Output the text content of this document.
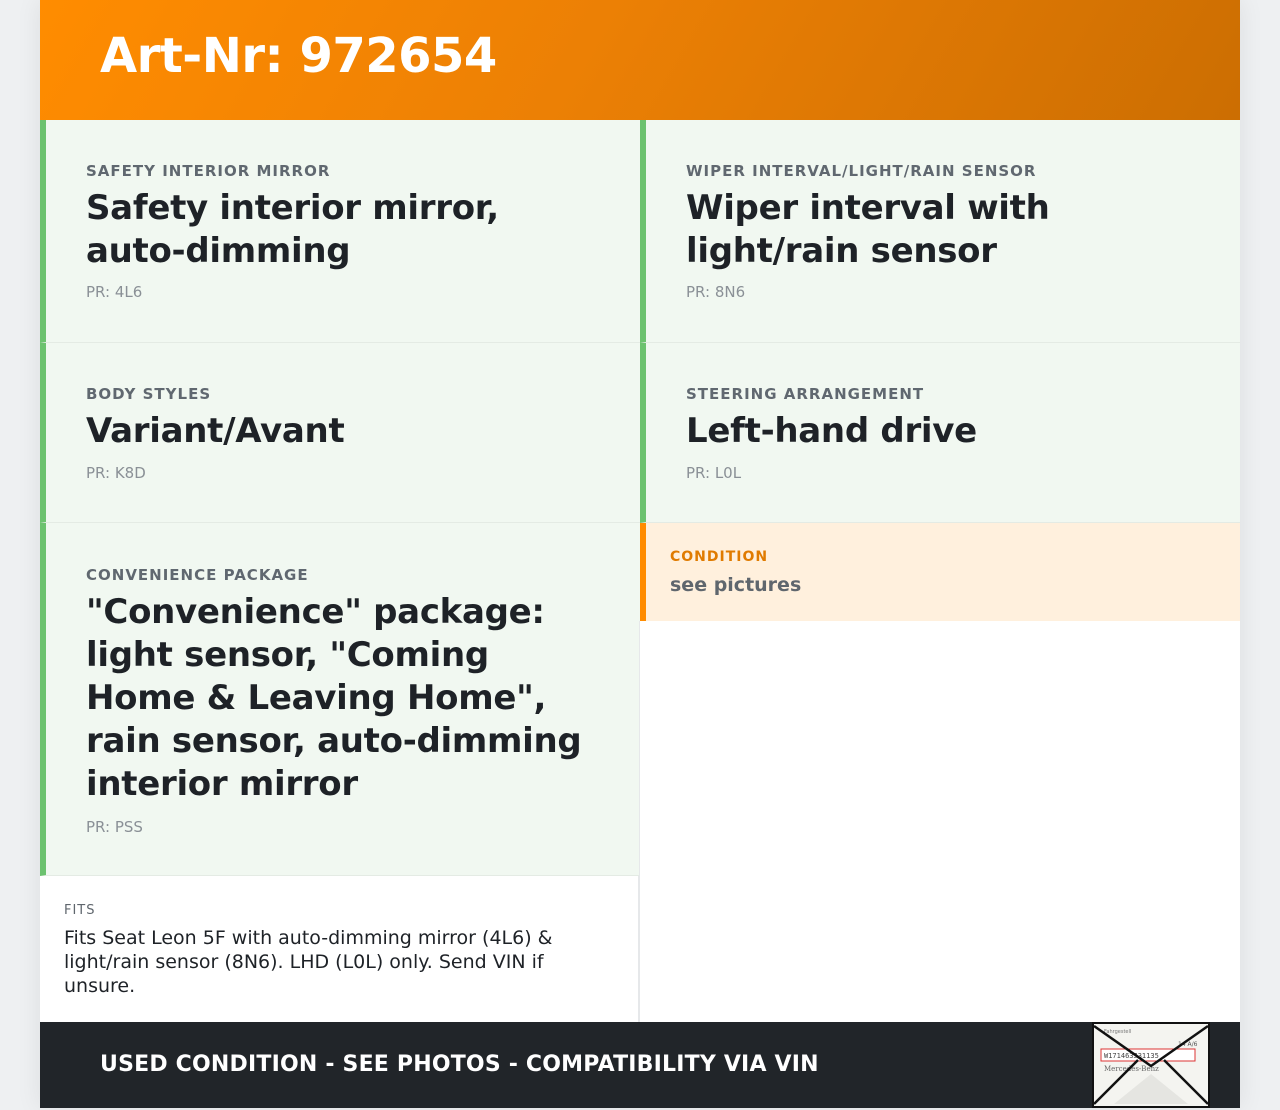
Art-Nr: 972654
SAFETY INTERIOR MIRROR
Safety interior mirror, auto-dimming
PR: 4L6
WIPER INTERVAL/LIGHT/RAIN SENSOR
Wiper interval with light/rain sensor
PR: 8N6
BODY STYLES
Variant/Avant
PR: K8D
STEERING ARRANGEMENT
Left-hand drive
PR: L0L
CONVENIENCE PACKAGE
"Convenience" package: light sensor, "Coming Home & Leaving Home", rain sensor, auto-dimming interior mirror
PR: PSS
CONDITION
see pictures
FITS
Fits Seat Leon 5F with auto-dimming mirror (4L6) & light/rain sensor (8N6). LHD (L0L) only. Send VIN if unsure.
USED CONDITION - SEE PHOTOS - COMPATIBILITY VIA VIN
Fahrgestell
14 A/6
W171463J31135
Mercedes-Benz
